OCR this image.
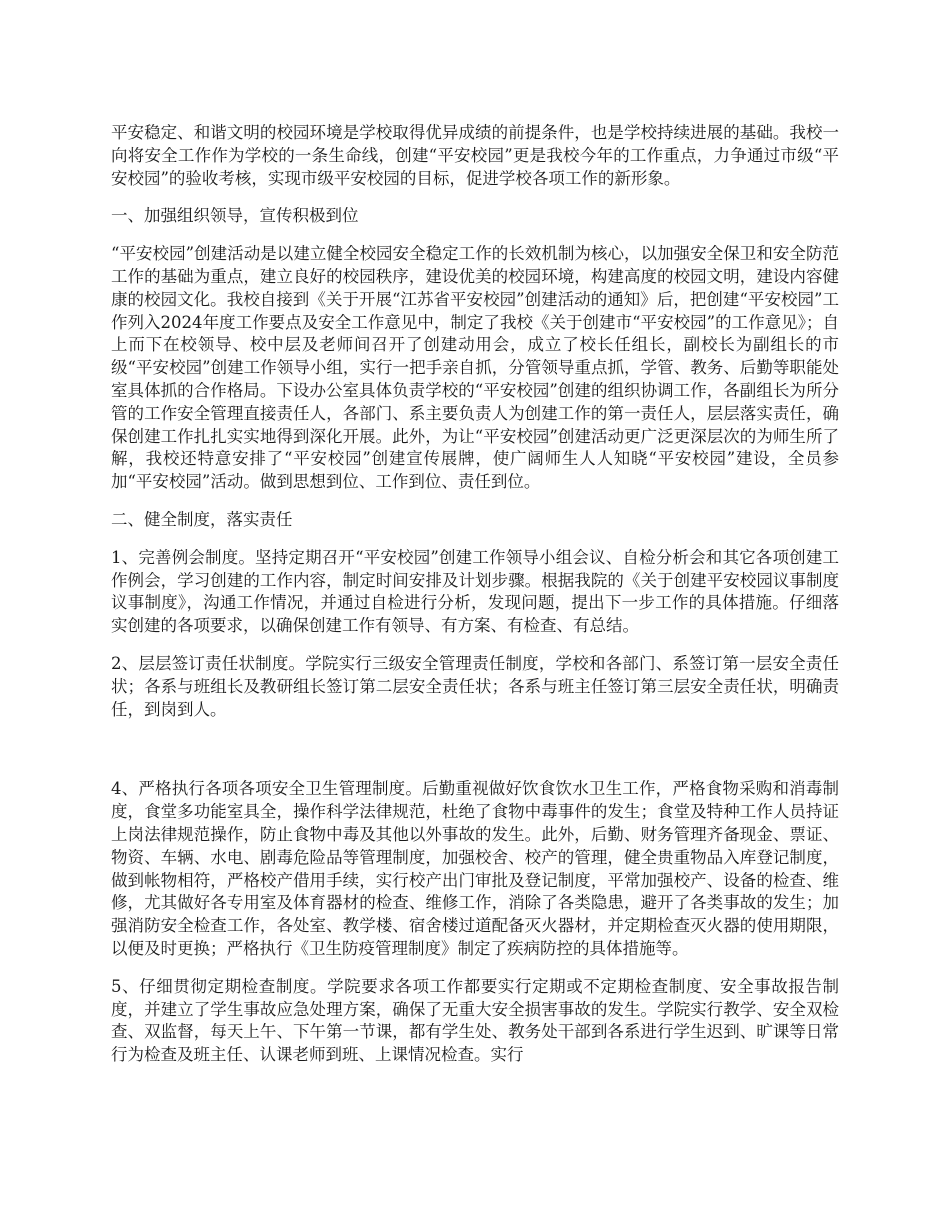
平安稳定、和谐文明的校园环境是学校取得优异成绩的前提条件，也是学校持续进展的基础。我校一向将安全工作作为学校的一条生命线，创建“平安校园”更是我校今年的工作重点，力争通过市级“平安校园”的验收考核，实现市级平安校园的目标，促进学校各项工作的新形象。

一、加强组织领导，宣传积极到位

“平安校园”创建活动是以建立健全校园安全稳定工作的长效机制为核心，以加强安全保卫和安全防范工作的基础为重点，建立良好的校园秩序，建设优美的校园环境，构建高度的校园文明，建设内容健康的校园文化。我校自接到《关于开展“江苏省平安校园”创建活动的通知》后，把创建“平安校园”工作列入2024年度工作要点及安全工作意见中，制定了我校《关于创建市“平安校园”的工作意见》；自上而下在校领导、校中层及老师间召开了创建动用会，成立了校长任组长，副校长为副组长的市级“平安校园”创建工作领导小组，实行一把手亲自抓，分管领导重点抓，学管、教务、后勤等职能处室具体抓的合作格局。下设办公室具体负责学校的“平安校园”创建的组织协调工作，各副组长为所分管的工作安全管理直接责任人，各部门、系主要负责人为创建工作的第一责任人，层层落实责任，确保创建工作扎扎实实地得到深化开展。此外，为让“平安校园”创建活动更广泛更深层次的为师生所了解，我校还特意安排了“平安校园”创建宣传展牌，使广阔师生人人知晓“平安校园”建设，全员参加“平安校园”活动。做到思想到位、工作到位、责任到位。

二、健全制度，落实责任

1、完善例会制度。坚持定期召开“平安校园”创建工作领导小组会议、自检分析会和其它各项创建工作例会，学习创建的工作内容，制定时间安排及计划步骤。根据我院的《关于创建平安校园议事制度议事制度》，沟通工作情况，并通过自检进行分析，发现问题，提出下一步工作的具体措施。仔细落实创建的各项要求，以确保创建工作有领导、有方案、有检查、有总结。

2、层层签订责任状制度。学院实行三级安全管理责任制度，学校和各部门、系签订第一层安全责任状；各系与班组长及教研组长签订第二层安全责任状；各系与班主任签订第三层安全责任状，明确责任，到岗到人。

4、严格执行各项各项安全卫生管理制度。后勤重视做好饮食饮水卫生工作，严格食物采购和消毒制度，食堂多功能室具全，操作科学法律规范，杜绝了食物中毒事件的发生；食堂及特种工作人员持证上岗法律规范操作，防止食物中毒及其他以外事故的发生。此外，后勤、财务管理齐备现金、票证、物资、车辆、水电、剧毒危险品等管理制度，加强校舍、校产的管理，健全贵重物品入库登记制度，做到帐物相符，严格校产借用手续，实行校产出门审批及登记制度，平常加强校产、设备的检查、维修，尤其做好各专用室及体育器材的检查、维修工作，消除了各类隐患，避开了各类事故的发生；加强消防安全检查工作，各处室、教学楼、宿舍楼过道配备灭火器材，并定期检查灭火器的使用期限，以便及时更换；严格执行《卫生防疫管理制度》制定了疾病防控的具体措施等。

5、仔细贯彻定期检查制度。学院要求各项工作都要实行定期或不定期检查制度、安全事故报告制度，并建立了学生事故应急处理方案，确保了无重大安全损害事故的发生。学院实行教学、安全双检查、双监督，每天上午、下午第一节课，都有学生处、教务处干部到各系进行学生迟到、旷课等日常行为检查及班主任、认课老师到班、上课情况检查。实行
